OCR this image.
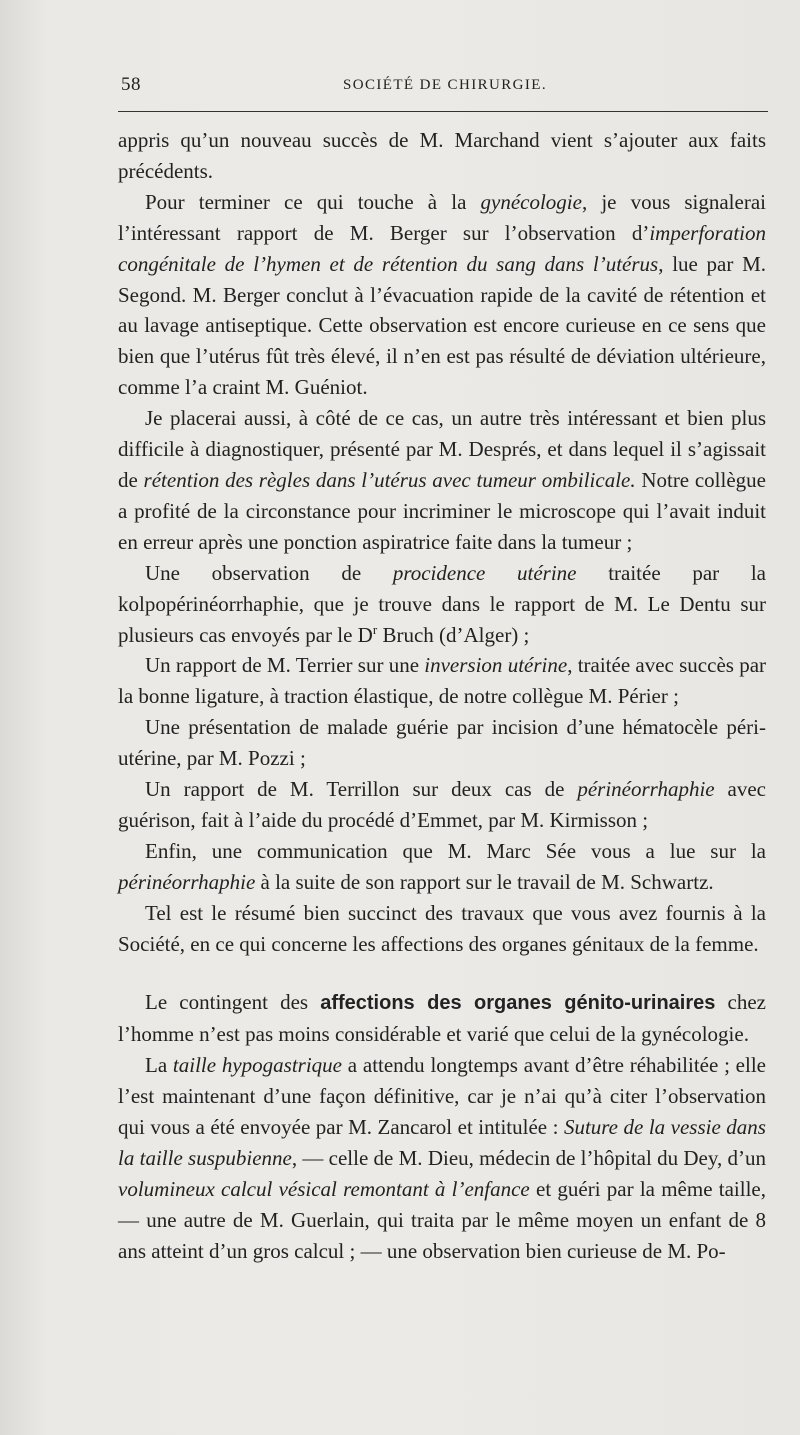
58	SOCIÉTÉ DE CHIRURGIE.

appris qu’un nouveau succès de M. Marchand vient s’ajouter aux faits précédents.

Pour terminer ce qui touche à la gynécologie, je vous signalerai l’intéressant rapport de M. Berger sur l’observation d’imperforation congénitale de l’hymen et de rétention du sang dans l’utérus, lue par M. Segond. M. Berger conclut à l’évacuation rapide de la cavité de rétention et au lavage antiseptique. Cette observation est encore curieuse en ce sens que bien que l’utérus fût très élevé, il n’en est pas résulté de déviation ultérieure, comme l’a craint M. Guéniot.

Je placerai aussi, à côté de ce cas, un autre très intéressant et bien plus difficile à diagnostiquer, présenté par M. Després, et dans lequel il s’agissait de rétention des règles dans l’utérus avec tumeur ombilicale. Notre collègue a profité de la circonstance pour incriminer le microscope qui l’avait induit en erreur après une ponction aspiratrice faite dans la tumeur ;

Une observation de procidence utérine traitée par la kolpopérinéorrhaphie, que je trouve dans le rapport de M. Le Dentu sur plusieurs cas envoyés par le $D^r$ Bruch (d’Alger) ;

Un rapport de M. Terrier sur une inversion utérine, traitée avec succès par la bonne ligature, à traction élastique, de notre collègue M. Périer ;

Une présentation de malade guérie par incision d’une hématocèle péri-utérine, par M. Pozzi ;

Un rapport de M. Terrillon sur deux cas de périnéorrhaphie avec guérison, fait à l’aide du procédé d’Emmet, par M. Kirmisson ;

Enfin, une communication que M. Marc Sée vous a lue sur la périnéorrhaphie à la suite de son rapport sur le travail de M. Schwartz.

Tel est le résumé bien succinct des travaux que vous avez fournis à la Société, en ce qui concerne les affections des organes génitaux de la femme.

Le contingent des affections des organes génito-urinaires chez l’homme n’est pas moins considérable et varié que celui de la gynécologie.

La taille hypogastrique a attendu longtemps avant d’être réhabilitée ; elle l’est maintenant d’une façon définitive, car je n’ai qu’à citer l’observation qui vous a été envoyée par M. Zancarol et intitulée : Suture de la vessie dans la taille suspubienne, — celle de M. Dieu, médecin de l’hôpital du Dey, d’un volumineux calcul vésical remontant à l’enfance et guéri par la même taille, — une autre de M. Guerlain, qui traita par le même moyen un enfant de 8 ans atteint d’un gros calcul ; — une observation bien curieuse de M. Po-
